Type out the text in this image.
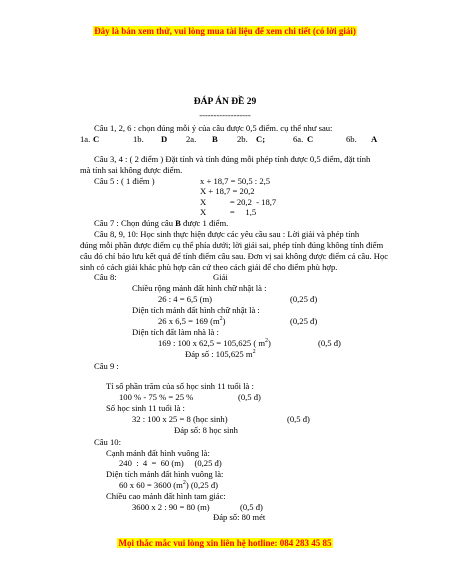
Đây là bản xem thử, vui lòng mua tài liệu để xem chi tiết (có lời giải)
ĐÁP ÁN ĐỀ 29
------------------
Câu 1, 2, 6 : chọn đúng mỗi ý của câu được 0,5 điểm. cụ thể như sau:
1a. C	1b. D 2a. B 2b. C;	6a. C	6b. A
Câu 3, 4 : ( 2 điểm ) Đặt tính và tính đúng mỗi phép tính được 0,5 điểm, đặt tính
mà tính sai không được điểm.
Câu 5 : ( 1 điểm )	x + 18,7 = 50,5 : 2,5
X + 18,7 = 20,2
X           = 20,2  - 18,7
X           =     1,5
Câu 7 : Chọn đúng câu B được 1 điểm.
Câu 8, 9, 10: Học sinh thực hiện được các yêu cầu sau : Lời giải và phép tính
đúng mỗi phần được điểm cụ thể phía dưới; lời giải sai, phép tính đúng không tính điểm
câu đó chỉ bảo lưu kết quả để tính điểm câu sau. Đơn vị sai không được điểm cả câu. Học
sinh có cách giải khác phù hợp căn cứ theo cách giải để cho điểm phù hợp.
Câu 8:	Giải
Chiều rộng mảnh đất hình chữ nhật là :
26 : 4 = 6,5 (m)	(0,25 đ)
Diện tích mảnh đất hình chữ nhật là :
26 x 6,5 = 169 $(m^2)$	(0,25 đ)
Diện tích đất làm nhà là :
169 : 100 x 62,5 = 105,625 ( $m^2$)	(0,5 đ)
Đáp số : 105,625 $m^2$
Câu 9 :
Tỉ số phần trăm của số học sinh 11 tuổi là :
100 % - 75 % = 25 %	(0,5 đ)
Số học sinh 11 tuổi là :
32 : 100 x 25 = 8 (học sinh)	(0,5 đ)
Đáp số: 8 học sinh
Câu 10:
Cạnh mảnh đất hình vuông là:
240  :  4  =  60 (m)     (0,25 đ)
Diện tích mảnh đất hình vuông là:
60 x 60 = 3600 $(m^2)$ (0,25 đ)
Chiều cao mảnh đất hình tam giác:
3600 x 2 : 90 = 80 (m)	(0,5 đ)
Đáp số: 80 mét
Mọi thắc mắc vui lòng xin liên hệ hotline: 084 283 45 85
